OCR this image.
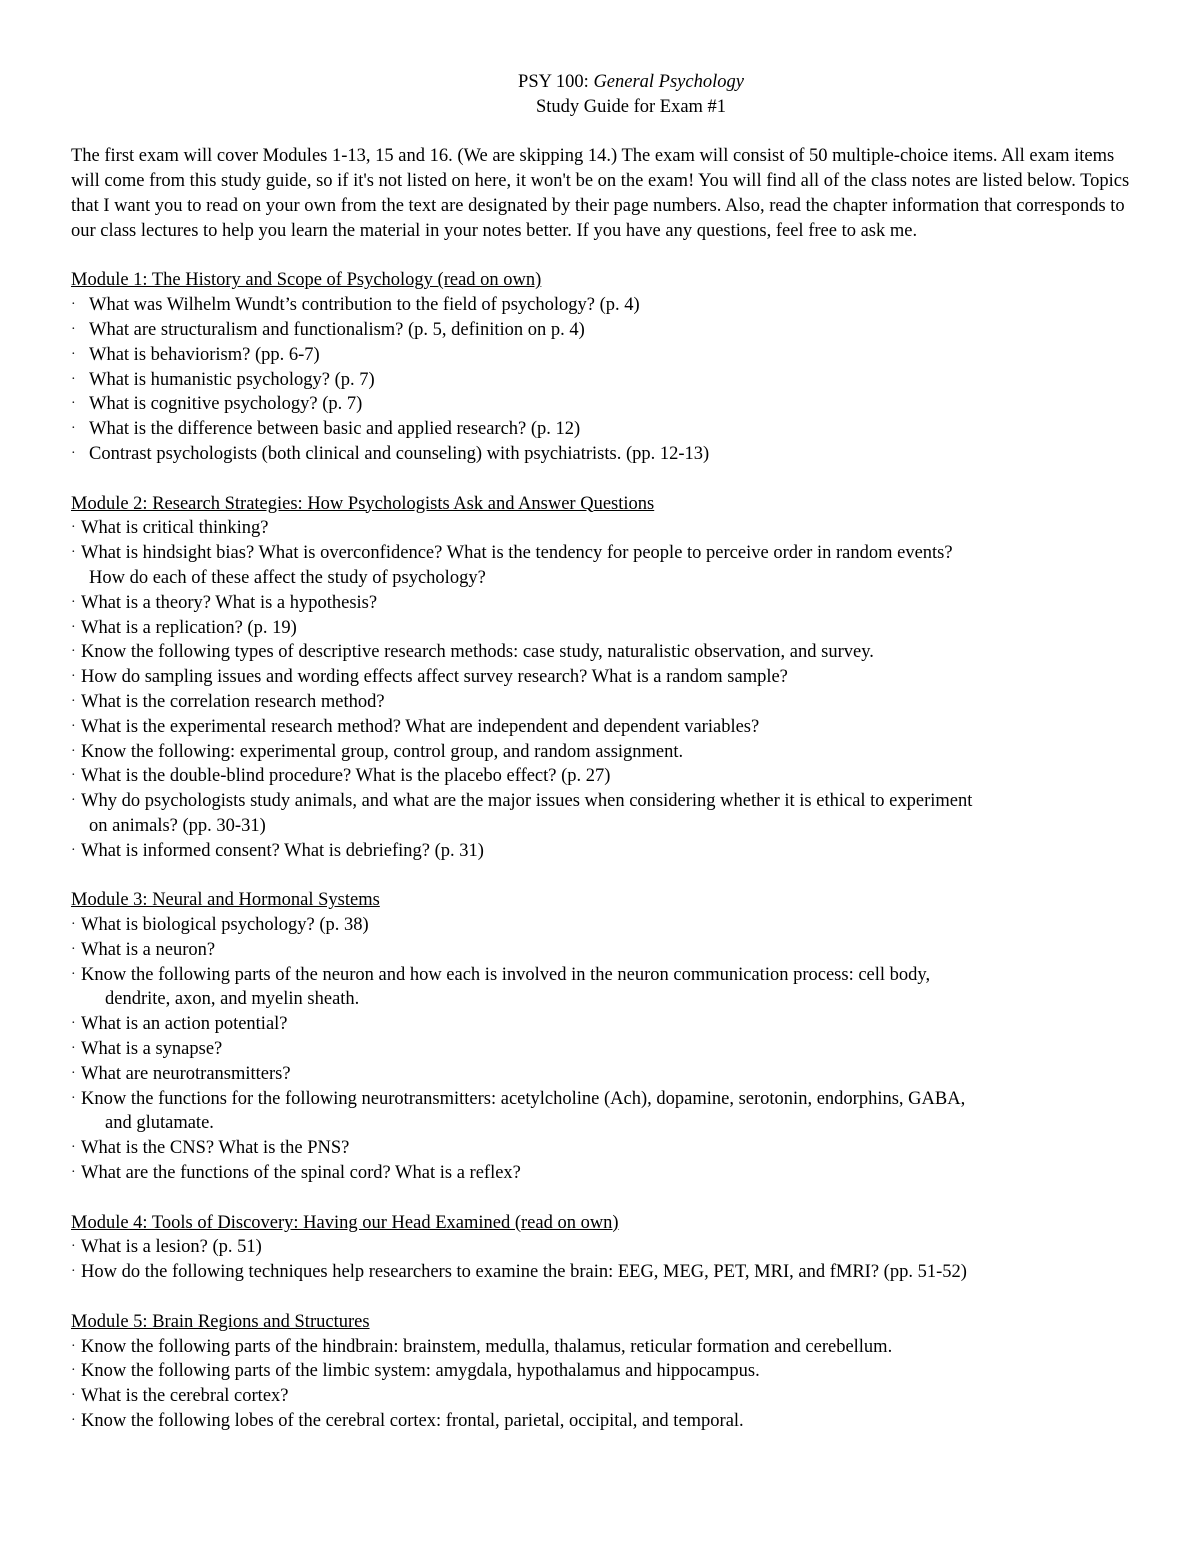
PSY 100: General Psychology
Study Guide for Exam #1
The first exam will cover Modules 1-13, 15 and 16. (We are skipping 14.) The exam will consist of 50 multiple-choice items. All exam items will come from this study guide, so if it's not listed on here, it won't be on the exam! You will find all of the class notes are listed below. Topics that I want you to read on your own from the text are designated by their page numbers. Also, read the chapter information that corresponds to our class lectures to help you learn the material in your notes better. If you have any questions, feel free to ask me.
Module 1: The History and Scope of Psychology (read on own)
· What was Wilhelm Wundt’s contribution to the field of psychology? (p. 4)
· What are structuralism and functionalism? (p. 5, definition on p. 4)
· What is behaviorism? (pp. 6-7)
· What is humanistic psychology? (p. 7)
· What is cognitive psychology? (p. 7)
· What is the difference between basic and applied research? (p. 12)
· Contrast psychologists (both clinical and counseling) with psychiatrists. (pp. 12-13)
Module 2: Research Strategies: How Psychologists Ask and Answer Questions
· What is critical thinking?
· What is hindsight bias? What is overconfidence? What is the tendency for people to perceive order in random events?
How do each of these affect the study of psychology?
· What is a theory? What is a hypothesis?
· What is a replication? (p. 19)
· Know the following types of descriptive research methods: case study, naturalistic observation, and survey.
· How do sampling issues and wording effects affect survey research? What is a random sample?
· What is the correlation research method?
· What is the experimental research method? What are independent and dependent variables?
· Know the following: experimental group, control group, and random assignment.
· What is the double-blind procedure? What is the placebo effect? (p. 27)
· Why do psychologists study animals, and what are the major issues when considering whether it is ethical to experiment
on animals? (pp. 30-31)
· What is informed consent? What is debriefing? (p. 31)
Module 3: Neural and Hormonal Systems
· What is biological psychology? (p. 38)
· What is a neuron?
· Know the following parts of the neuron and how each is involved in the neuron communication process: cell body,
dendrite, axon, and myelin sheath.
· What is an action potential?
· What is a synapse?
· What are neurotransmitters?
· Know the functions for the following neurotransmitters: acetylcholine (Ach), dopamine, serotonin, endorphins, GABA,
and glutamate.
· What is the CNS? What is the PNS?
· What are the functions of the spinal cord? What is a reflex?
Module 4: Tools of Discovery: Having our Head Examined (read on own)
· What is a lesion? (p. 51)
· How do the following techniques help researchers to examine the brain: EEG, MEG, PET, MRI, and fMRI? (pp. 51-52)
Module 5: Brain Regions and Structures
· Know the following parts of the hindbrain: brainstem, medulla, thalamus, reticular formation and cerebellum.
· Know the following parts of the limbic system: amygdala, hypothalamus and hippocampus.
· What is the cerebral cortex?
· Know the following lobes of the cerebral cortex: frontal, parietal, occipital, and temporal.
